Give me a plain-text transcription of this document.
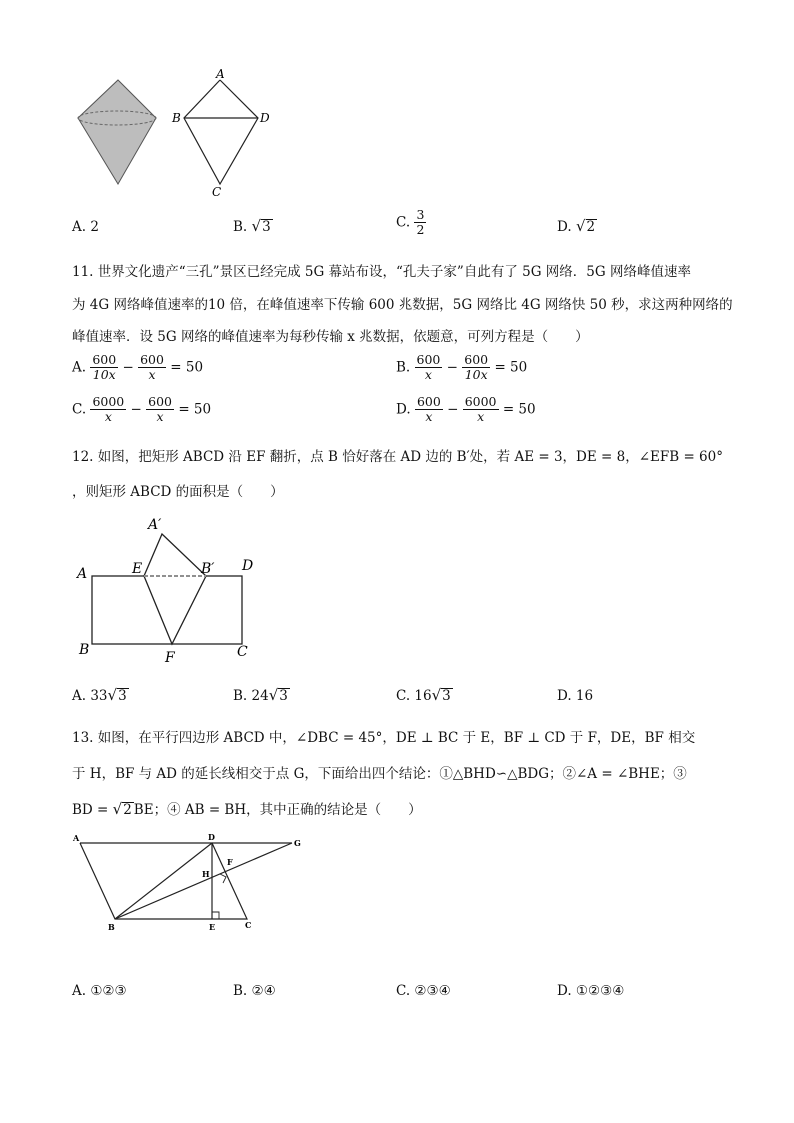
A
B	D
C
A. 2	B. √3	C. $\frac{3}{2}$	D. √2
11. 世界文化遗产“三孔”景区已经完成 5G 幕站布设，“孔夫子家”自此有了 5G 网络．5G 网络峰值速率
为 4G 网络峰值速率的10 倍，在峰值速率下传输 600 兆数据，5G 网络比 4G 网络快 50 秒，求这两种网络的
峰值速率．设 5G 网络的峰值速率为每秒传输 x 兆数据，依题意，可列方程是（　　）
A. $\frac{600}{10x} - \frac{600}{x} = 50$	B. $\frac{600}{x} - \frac{600}{10x} = 50$
C. $\frac{6000}{x} - \frac{600}{x} = 50$	D. $\frac{600}{x} - \frac{6000}{x} = 50$
12. 如图，把矩形 ABCD 沿 EF 翻折，点 B 恰好落在 AD 边的 B′处，若 AE = 3，DE = 8，∠EFB = 60°
，则矩形 ABCD 的面积是（　　）
A′
A	E	B′ D
B	F	C
A. 33√3	B. 24√3	C. 16√3	D. 16
13. 如图，在平行四边形 ABCD 中，∠DBC = 45°，DE ⊥ BC 于 E，BF ⊥ CD 于 F，DE，BF 相交
于 H，BF 与 AD 的延长线相交于点 G，下面给出四个结论：①△BHD∽△BDG；②∠A = ∠BHE；③
BD = √2 BE；④ AB = BH，其中正确的结论是（　　）
A	D
G
F
H
B	E	C
A. ①②③	B. ②④	C. ②③④	D. ①②③④
